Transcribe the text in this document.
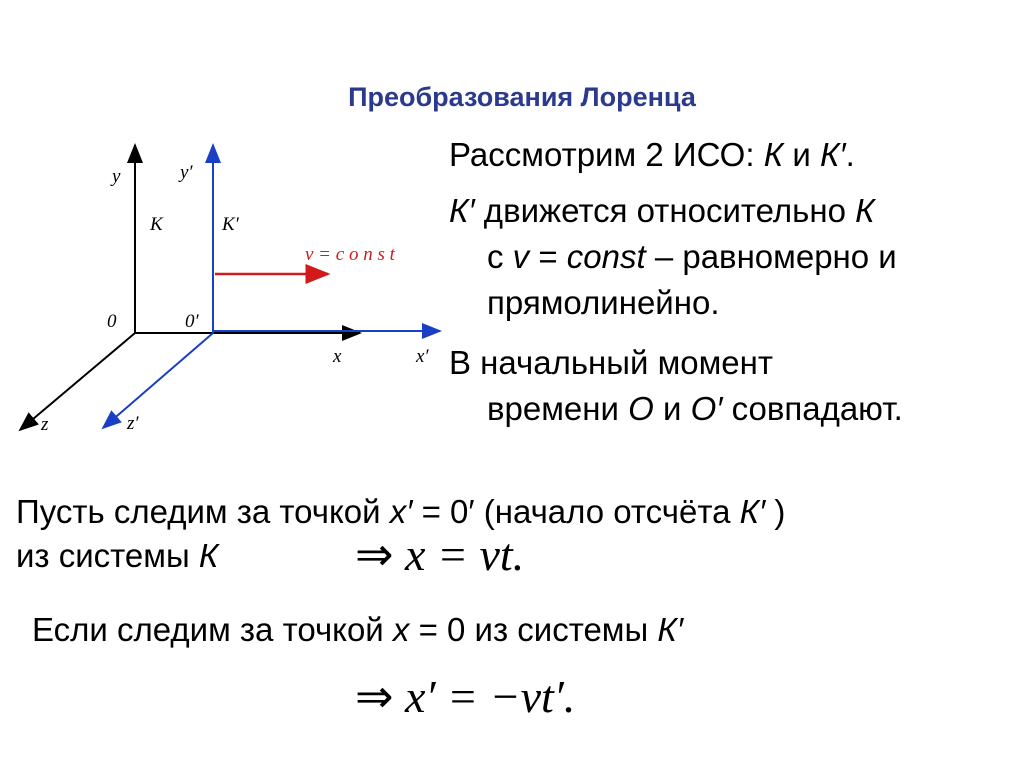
Преобразования Лоренца
y
K
0
x
z
y′
K′
0′
x′
z′
v = c o n s t
Рассмотрим 2 ИСО: К и К′.
К′ движется относительно К
с v = const – равномерно и
прямолинейно.
В начальный момент
времени О и О′ совпадают.
Пусть следим за точкой x′ = 0′ (начало отсчёта К′ )
из системы К	⇒ x = vt.
Если следим за точкой x = 0 из системы К′
⇒ x′ = −vt′.
